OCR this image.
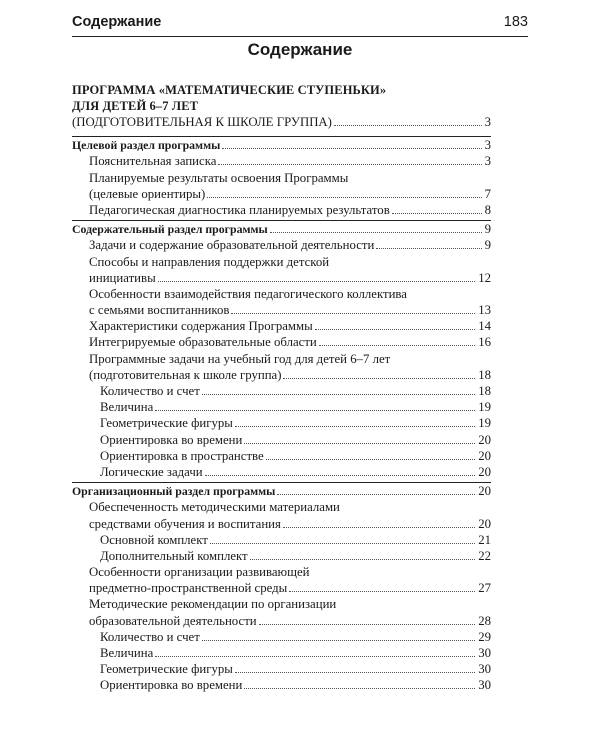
Содержание	183
Содержание
ПРОГРАММА «МАТЕМАТИЧЕСКИЕ СТУПЕНЬКИ»
ДЛЯ ДЕТЕЙ 6–7 ЛЕТ
(ПОДГОТОВИТЕЛЬНАЯ К ШКОЛЕ ГРУППА)	3
Целевой раздел программы	3
Пояснительная записка	3
Планируемые результаты освоения Программы
(целевые ориентиры)	7
Педагогическая диагностика планируемых результатов	8
Содержательный раздел программы	9
Задачи и содержание образовательной деятельности	9
Способы и направления поддержки детской
инициативы	12
Особенности взаимодействия педагогического коллектива
с семьями воспитанников	13
Характеристики содержания Программы	14
Интегрируемые образовательные области	16
Программные задачи на учебный год для детей 6–7 лет
(подготовительная к школе группа)	18
Количество и счет	18
Величина	19
Геометрические фигуры	19
Ориентировка во времени	20
Ориентировка в пространстве	20
Логические задачи	20
Организационный раздел программы	20
Обеспеченность методическими материалами
средствами обучения и воспитания	20
Основной комплект	21
Дополнительный комплект	22
Особенности организации развивающей
предметно-пространственной среды	27
Методические рекомендации по организации
образовательной деятельности	28
Количество и счет	29
Величина	30
Геометрические фигуры	30
Ориентировка во времени	30
